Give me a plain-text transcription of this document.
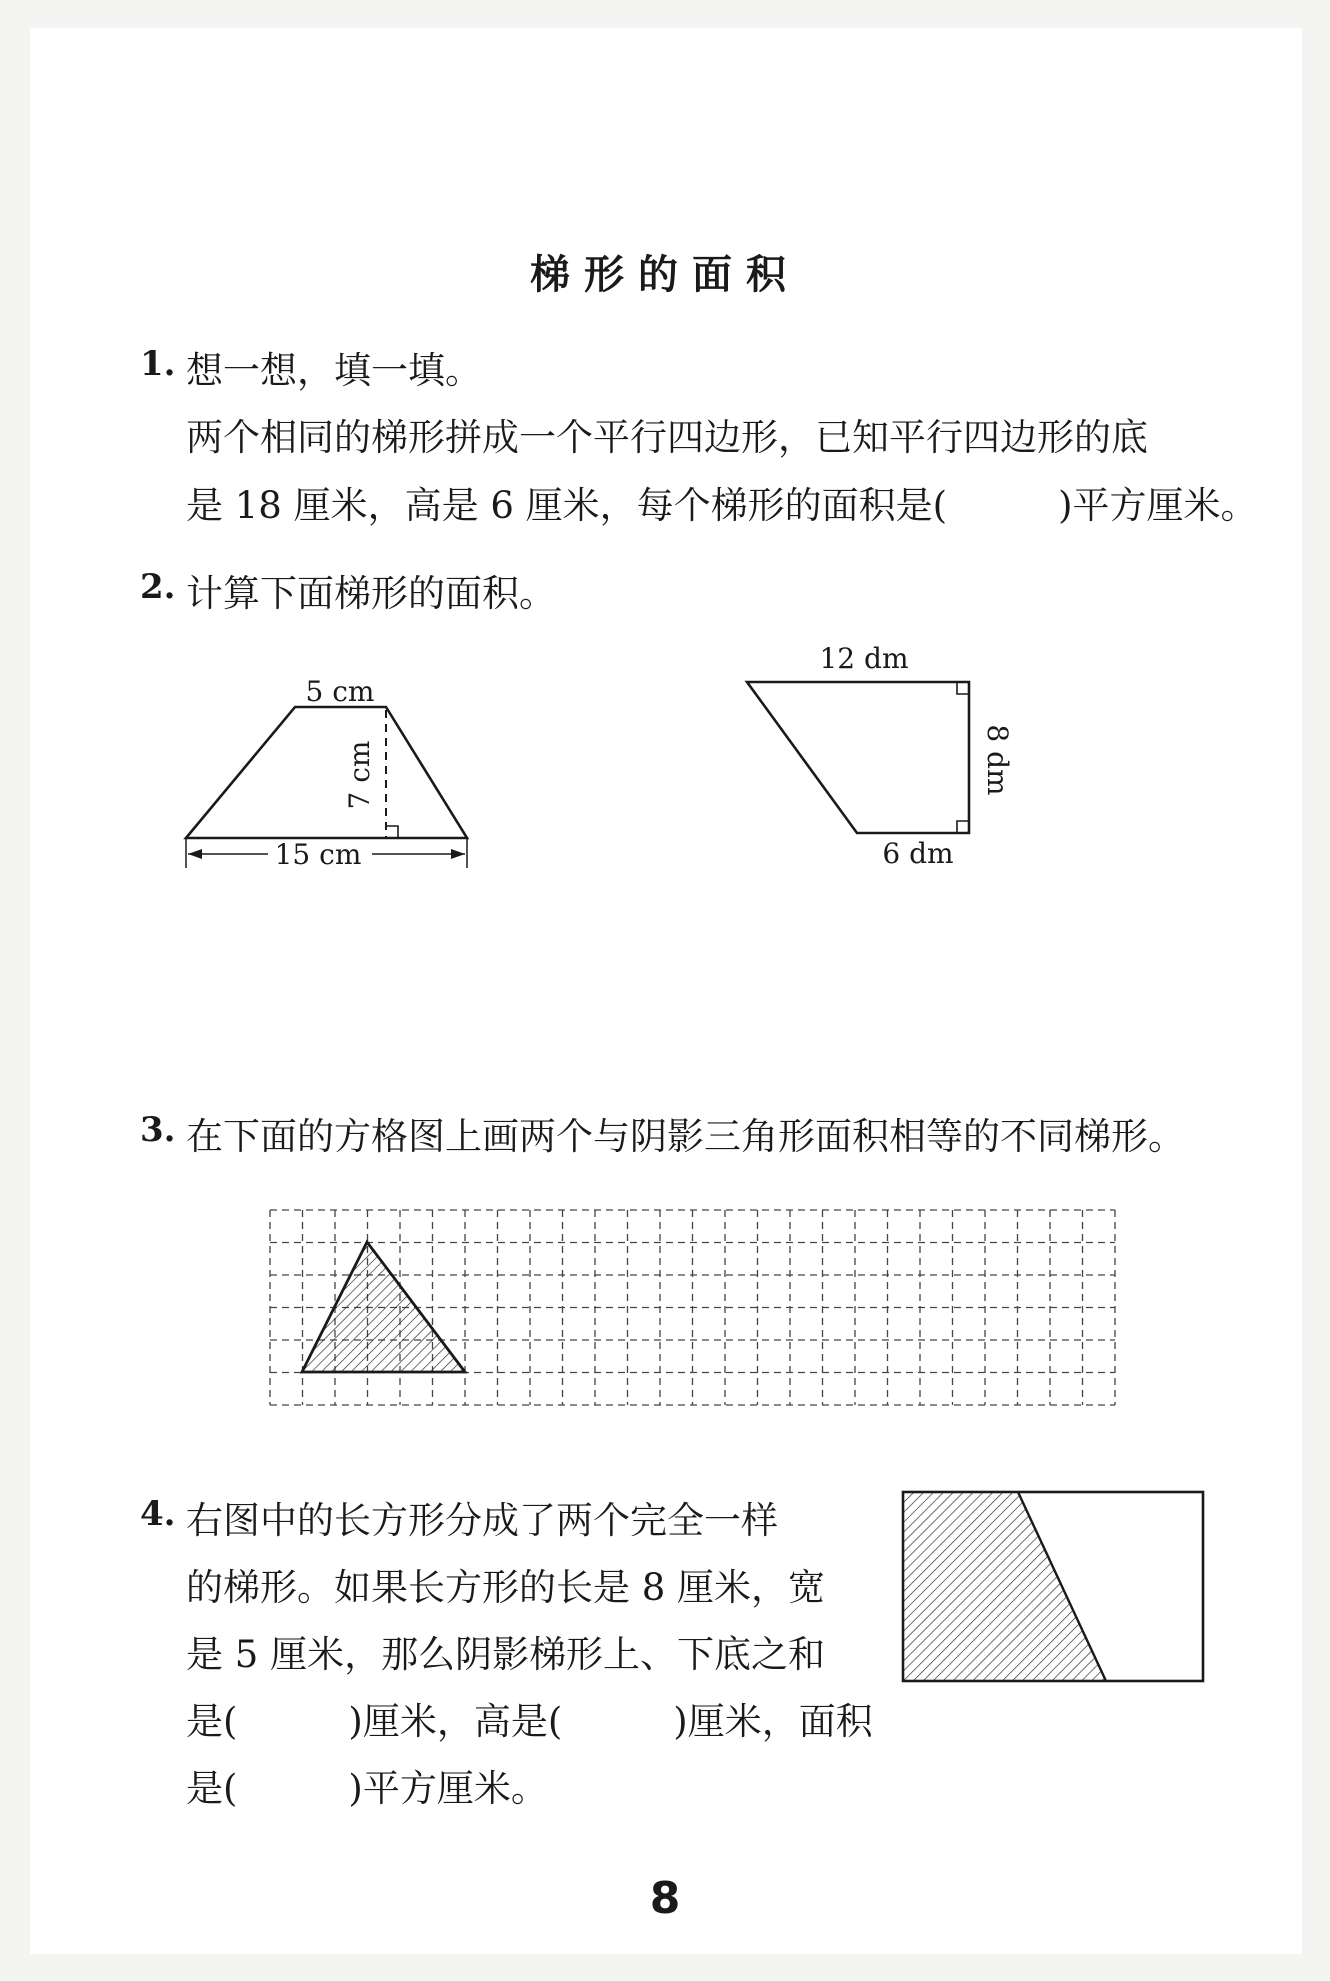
梯形的面积
1. 想一想，填一填。
两个相同的梯形拼成一个平行四边形，已知平行四边形的底
是 18 厘米，高是 6 厘米，每个梯形的面积是(　　　)平方厘米。
2. 计算下面梯形的面积。
3. 在下面的方格图上画两个与阴影三角形面积相等的不同梯形。
4. 右图中的长方形分成了两个完全一样
的梯形。如果长方形的长是 8 厘米，宽
是 5 厘米，那么阴影梯形上、下底之和
是(　　　)厘米，高是(　　　)厘米，面积
是(　　　)平方厘米。
5 cm
7 cm
15 cm
12 dm
8 dm
6 dm
8
